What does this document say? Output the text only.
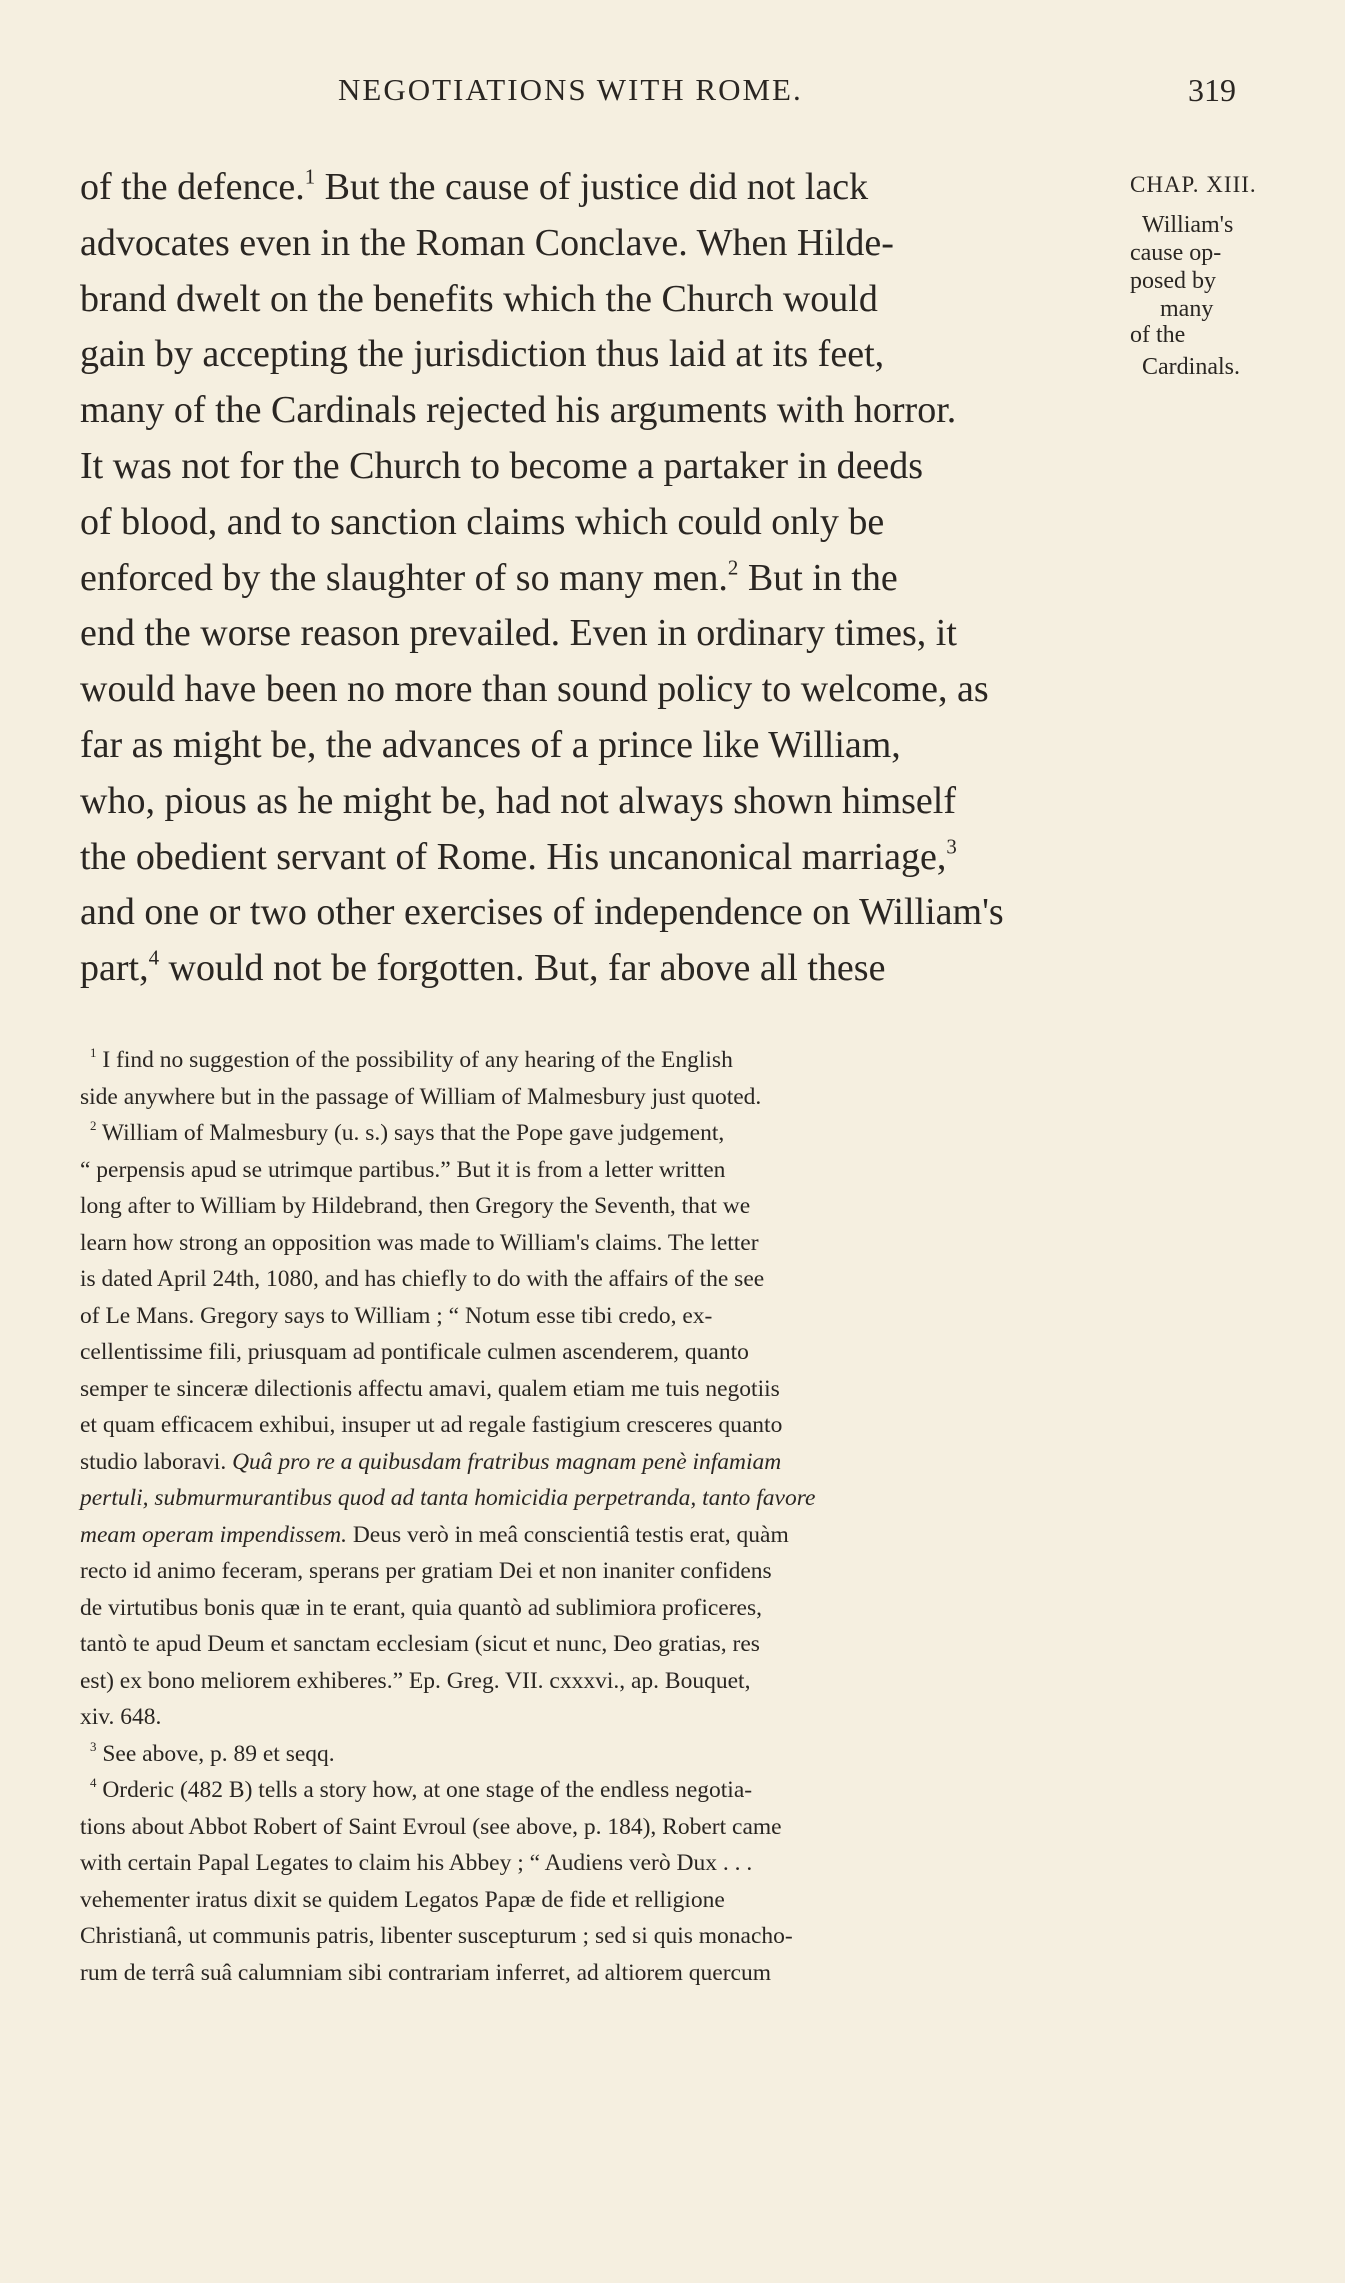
NEGOTIATIONS WITH ROME.	319
of the defence.$^1$ But the cause of justice did not lack
advocates even in the Roman Conclave. When Hilde-
brand dwelt on the benefits which the Church would
gain by accepting the jurisdiction thus laid at its feet,
many of the Cardinals rejected his arguments with horror.
It was not for the Church to become a partaker in deeds
of blood, and to sanction claims which could only be
enforced by the slaughter of so many men.$^2$ But in the
end the worse reason prevailed. Even in ordinary times, it
would have been no more than sound policy to welcome, as
far as might be, the advances of a prince like William,
who, pious as he might be, had not always shown himself
the obedient servant of Rome. His uncanonical marriage,$^3$
and one or two other exercises of independence on William's
part,$^4$ would not be forgotten. But, far above all these
CHAP. XIII.
William's
cause op-
posed by
many
of the
Cardinals.
$^1$ I find no suggestion of the possibility of any hearing of the English
side anywhere but in the passage of William of Malmesbury just quoted.
$^2$ William of Malmesbury (u. s.) says that the Pope gave judgement,
“ perpensis apud se utrimque partibus.” But it is from a letter written
long after to William by Hildebrand, then Gregory the Seventh, that we
learn how strong an opposition was made to William's claims. The letter
is dated April 24th, 1080, and has chiefly to do with the affairs of the see
of Le Mans. Gregory says to William ; “ Notum esse tibi credo, ex-
cellentissime fili, priusquam ad pontificale culmen ascenderem, quanto
semper te sinceræ dilectionis affectu amavi, qualem etiam me tuis negotiis
et quam efficacem exhibui, insuper ut ad regale fastigium cresceres quanto
studio laboravi. Quâ pro re a quibusdam fratribus magnam penè infamiam
pertuli, submurmurantibus quod ad tanta homicidia perpetranda, tanto favore
meam operam impendissem. Deus verò in meâ conscientiâ testis erat, quàm
recto id animo feceram, sperans per gratiam Dei et non inaniter confidens
de virtutibus bonis quæ in te erant, quia quantò ad sublimiora proficeres,
tantò te apud Deum et sanctam ecclesiam (sicut et nunc, Deo gratias, res
est) ex bono meliorem exhiberes.” Ep. Greg. VII. cxxxvi., ap. Bouquet,
xiv. 648.
$^3$ See above, p. 89 et seqq.
$^4$ Orderic (482 B) tells a story how, at one stage of the endless negotia-
tions about Abbot Robert of Saint Evroul (see above, p. 184), Robert came
with certain Papal Legates to claim his Abbey ; “ Audiens verò Dux . . .
vehementer iratus dixit se quidem Legatos Papæ de fide et relligione
Christianâ, ut communis patris, libenter suscepturum ; sed si quis monacho-
rum de terrâ suâ calumniam sibi contrariam inferret, ad altiorem quercum
